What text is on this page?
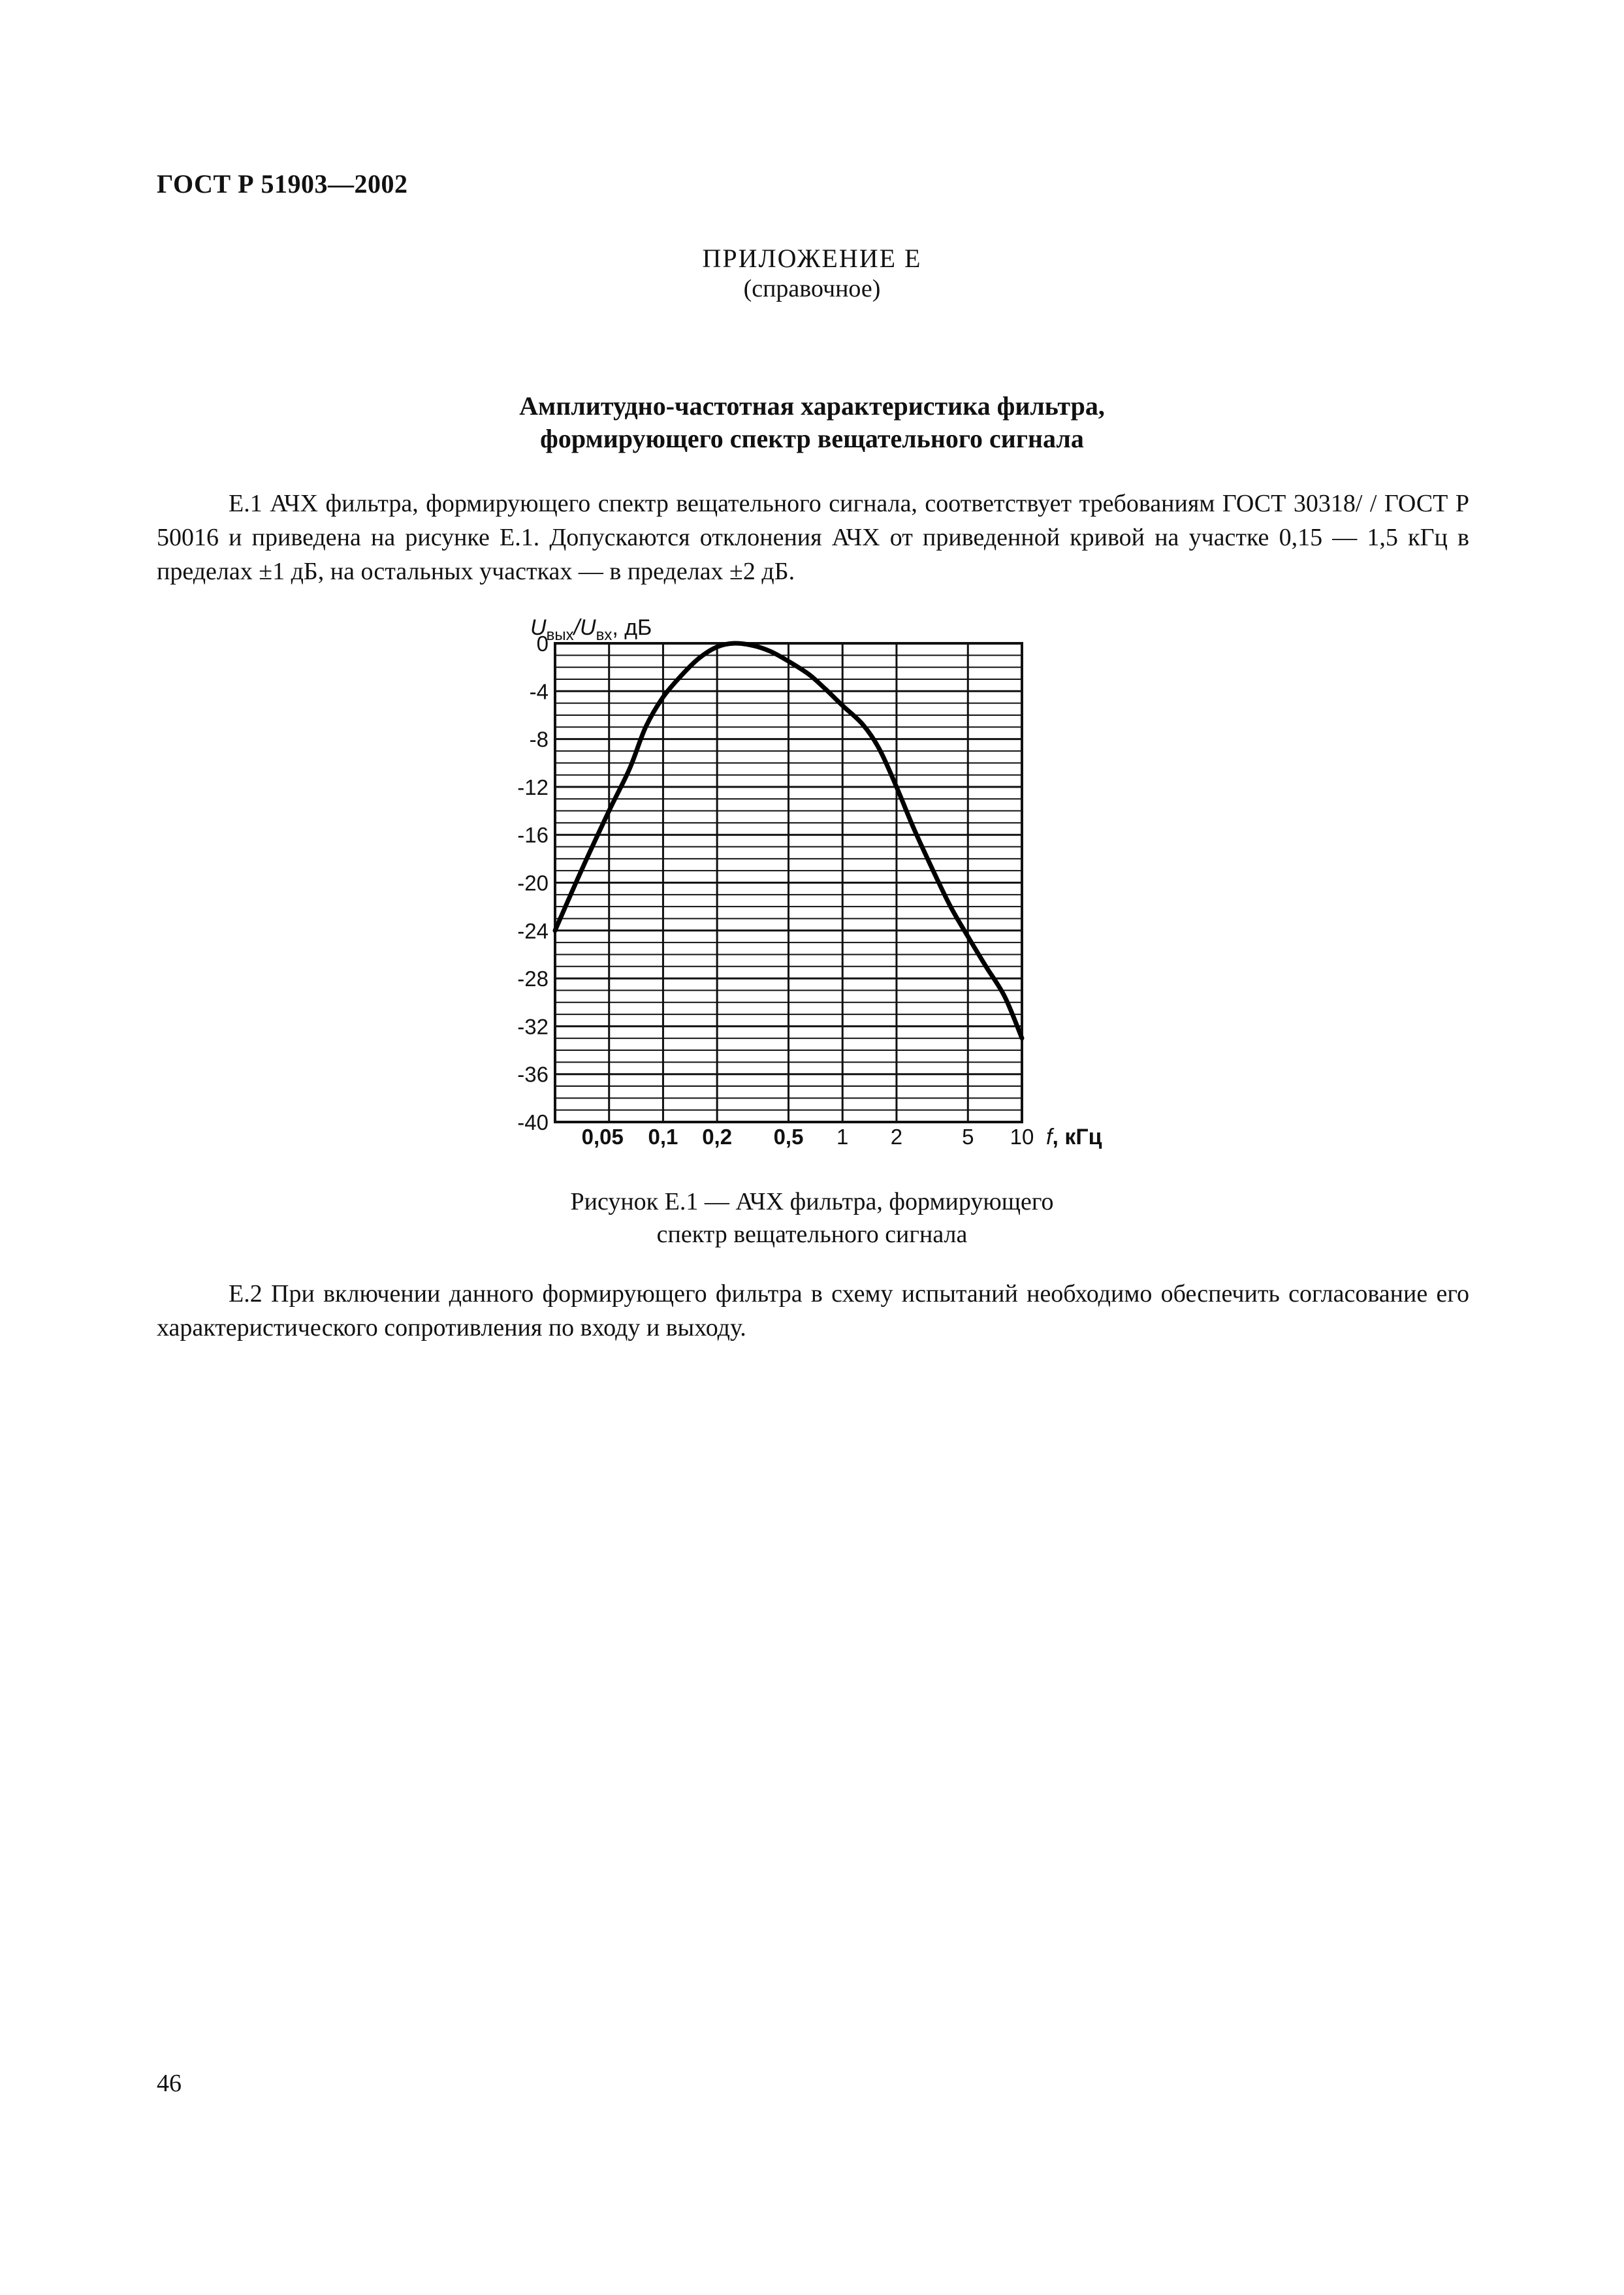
ГОСТ Р 51903—2002
ПРИЛОЖЕНИЕ Е
(справочное)
Амплитудно-частотная характеристика фильтра,
формирующего спектр вещательного сигнала
Е.1 АЧХ фильтра, формирующего спектр вещательного сигнала, соответствует требованиям ГОСТ 30318/ / ГОСТ Р 50016 и приведена на рисунке Е.1. Допускаются отклонения АЧХ от приведенной кривой на участке 0,15 — 1,5 кГц в пределах ±1 дБ, на остальных участках — в пределах ±2 дБ.
0
-4
-8
-12
-16
-20
-24
-28
-32
-36
-40
0,05 0,1 0,2 0,5 1 2	5 10
$U_{вых}/U_{вх}$, дБ
f, кГц
Рисунок Е.1 — АЧХ фильтра, формирующего
спектр вещательного сигнала
Е.2 При включении данного формирующего фильтра в схему испытаний необходимо обеспечить согласование его характеристического сопротивления по входу и выходу.
46
